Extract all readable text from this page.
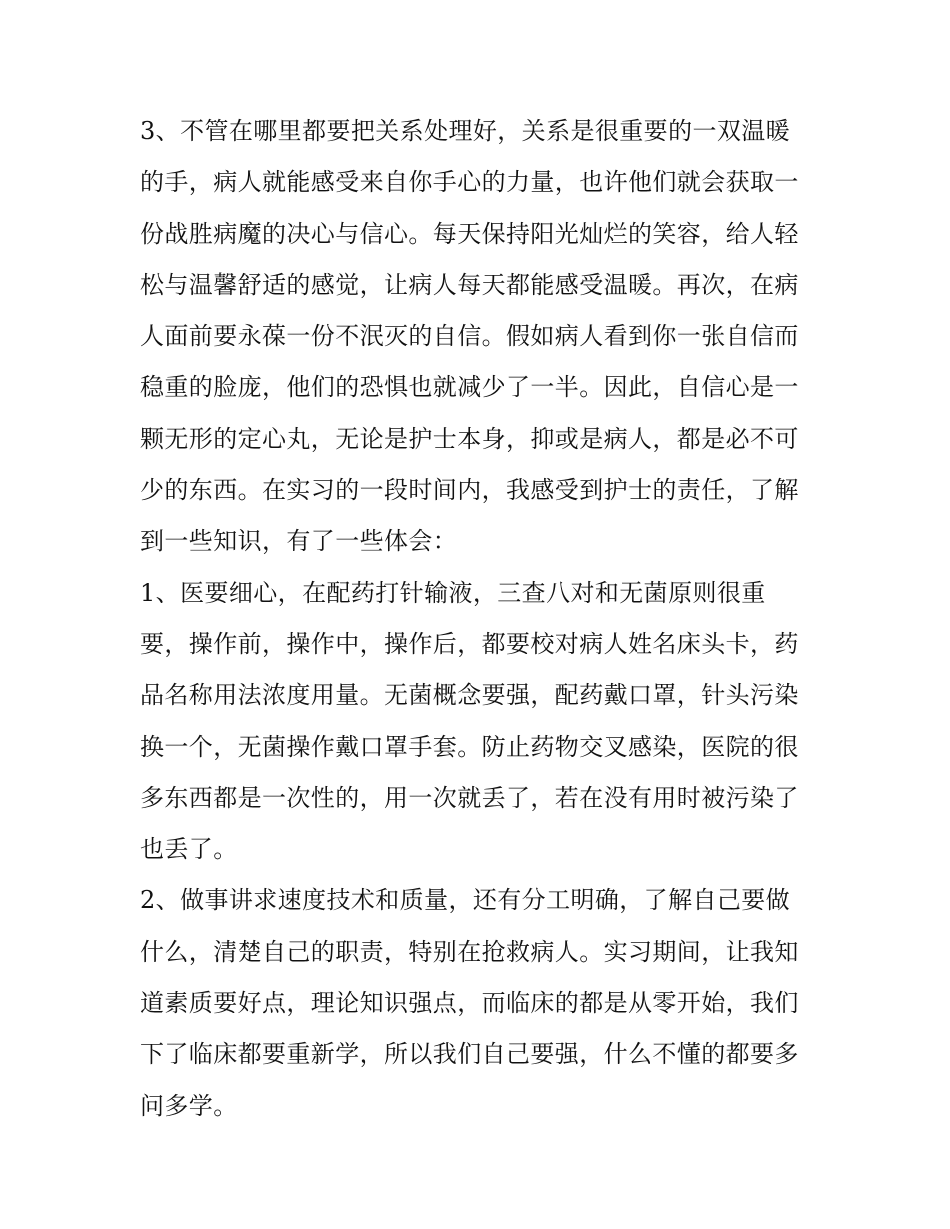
3、不管在哪里都要把关系处理好，关系是很重要的一双温暖
的手，病人就能感受来自你手心的力量，也许他们就会获取一
份战胜病魔的决心与信心。每天保持阳光灿烂的笑容，给人轻
松与温馨舒适的感觉，让病人每天都能感受温暖。再次，在病
人面前要永葆一份不泯灭的自信。假如病人看到你一张自信而
稳重的脸庞，他们的恐惧也就减少了一半。因此，自信心是一
颗无形的定心丸，无论是护士本身，抑或是病人，都是必不可
少的东西。在实习的一段时间内，我感受到护士的责任，了解
到一些知识，有了一些体会：
1、医要细心，在配药打针输液，三查八对和无菌原则很重
要，操作前，操作中，操作后，都要校对病人姓名床头卡，药
品名称用法浓度用量。无菌概念要强，配药戴口罩，针头污染
换一个，无菌操作戴口罩手套。防止药物交叉感染，医院的很
多东西都是一次性的，用一次就丢了，若在没有用时被污染了
也丢了。
2、做事讲求速度技术和质量，还有分工明确，了解自己要做
什么，清楚自己的职责，特别在抢救病人。实习期间，让我知
道素质要好点，理论知识强点，而临床的都是从零开始，我们
下了临床都要重新学，所以我们自己要强，什么不懂的都要多
问多学。
